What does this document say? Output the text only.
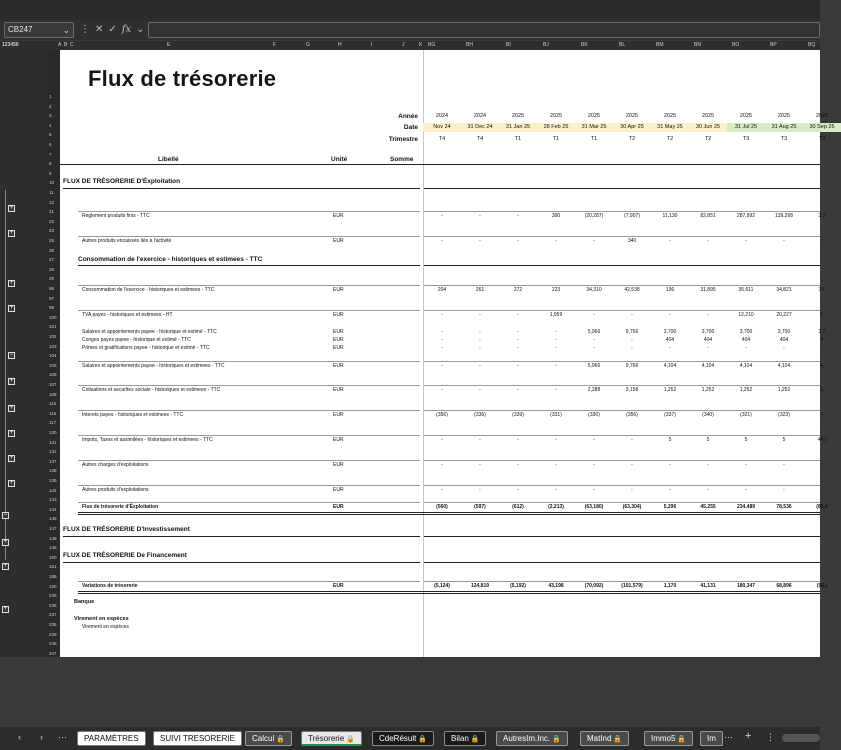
CB247	⌄ ⋮ ✕ ✓ fx ⌄
123456	A B C	E	F	G	H	I	J	K BG	BH	BI	BJ	BK	BL	BM	BN	BO	BP	BQ
+
+
+
+
−
+
+
+
+
+
−
+
+
+
1
2
3
4
5
6
7
8
9
10
11
12
21
22
23
25
26
27
28
29
96
97
98
100
101
102
103
104
105
106
107
108
115
116
117
130
131
132
137
138
139
142
143
144
146
147
148
149
150
151
189
190
235
236
237
238
239
246
247
Flux de trésorerie
Année
Date
Trimestre
2024	2024	2025	2025	2025	2025	2025	2025	2025	2025	2025
Nov 24	31 Dec 24	31 Jan 25	28 Feb 25	31 Mar 25	30 Apr 25	31 May 25	30 Jun 25	31 Jul 25	31 Aug 25	30 Sep 25
T4	T4	T1	T1	T1	T2	T2	T2	T3	T3	T3
Libellé	Unité	Somme
FLUX DE TRÉSORERIE D'Éxploitation
Consommation de l'exercice - historiques et estimees - TTC
Reglement produits finis - TTC	EUR	-	-	-	300	(20,287)	(7,907)	11,130	82,851	287,992	139,268	2,2
Autres produits encaissés liés à l'activité	EUR	-	-	-	-	-	340	-	-	-	-	-
Consommation de l'exercice - historiques et estimees - TTC	EUR	204	261	272	223	34,310	42,538	136	31,895	35,611	34,821	34,
TVA payes - historiques et estimees - HT	EUR	-	-	-	1,959	-	-	-	-	12,210	20,227	2,
Salaires et appointements payee - historique et estimé - TTC	EUR	-	-	-	-	5,966	9,766	3,700	3,700	3,700	3,700	3,7
Conges payes payee - historique et estimé - TTC	EUR	-	-	-	-	-	-	404	404	404	404	4
Primes et gratifications payee - historique et estimé - TTC	EUR	-	-	-	-	-	-	-	-	-	-	-
Salaires et appointements payee - historiques et estimees - TTC	EUR	-	-	-	-	5,966	9,766	4,104	4,104	4,104	4,104	4,
Cotisations et securites sociale - historiques et estimees - TTC	EUR	-	-	-	-	2,288	3,158	1,252	1,252	1,252	1,252	1,
Interets payes - historiques et estimees - TTC	EUR	(356)	(336)	(339)	(331)	(330)	(356)	(337)	(340)	(321)	(323)	(
Impots, Taxes et assimilées - historiques et estimees - TTC	EUR	-	-	-	-	-	-	5	5	5	5	44,(
Autres charges d'exploitations	EUR	-	-	-	-	-	-	-	-	-	-	-
Autres produits d'exploitations	EUR	-	-	-	-	-	-	-	-	-	-	-
Flux de trésorerie d'Éxploitation	EUR	(560)	(597)	(612)	(2,213)	(63,180)	(63,304)	5,296	45,255	234,489	78,536	(85,4
Variations de trésorerie	EUR	(5,124)	124,819	(5,192)	43,198	(70,092)	(101,579)	1,170	41,131	180,347	68,896	(90,(
FLUX DE TRÉSORERIE D'Investissement
FLUX DE TRÉSORERIE De Financement
Banque
Virement en espèces
Virement en espèces
‹ › ···	PARAMÈTRES	SUIVI TRESORERIE	Calcul 🔒	Trésorerie 🔒	CdeRésult 🔒	Bilan 🔒	AutresIm.Inc. 🔒	MatInd 🔒	Immo5 🔒	Im ··· + ⋮
